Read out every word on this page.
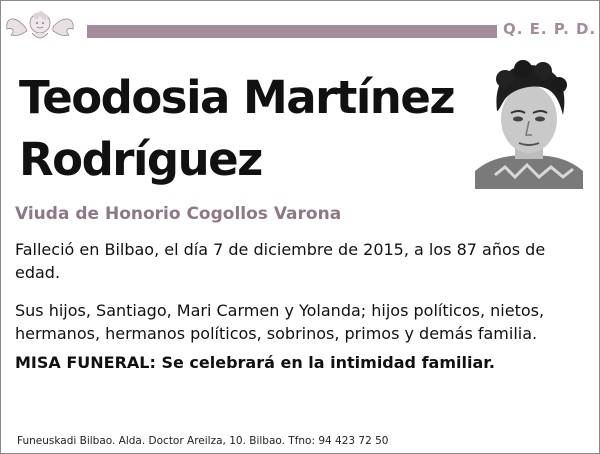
Q. E. P. D.
Teodosia Martínez
Rodríguez
Viuda de Honorio Cogollos Varona
Falleció en Bilbao, el día 7 de diciembre de 2015, a los 87 años de edad.
Sus hijos, Santiago, Mari Carmen y Yolanda; hijos políticos, nietos, hermanos, hermanos políticos, sobrinos, primos y demás familia.
MISA FUNERAL: Se celebrará en la intimidad familiar.
Funeuskadi Bilbao. Alda. Doctor Areilza, 10. Bilbao. Tfno: 94 423 72 50
